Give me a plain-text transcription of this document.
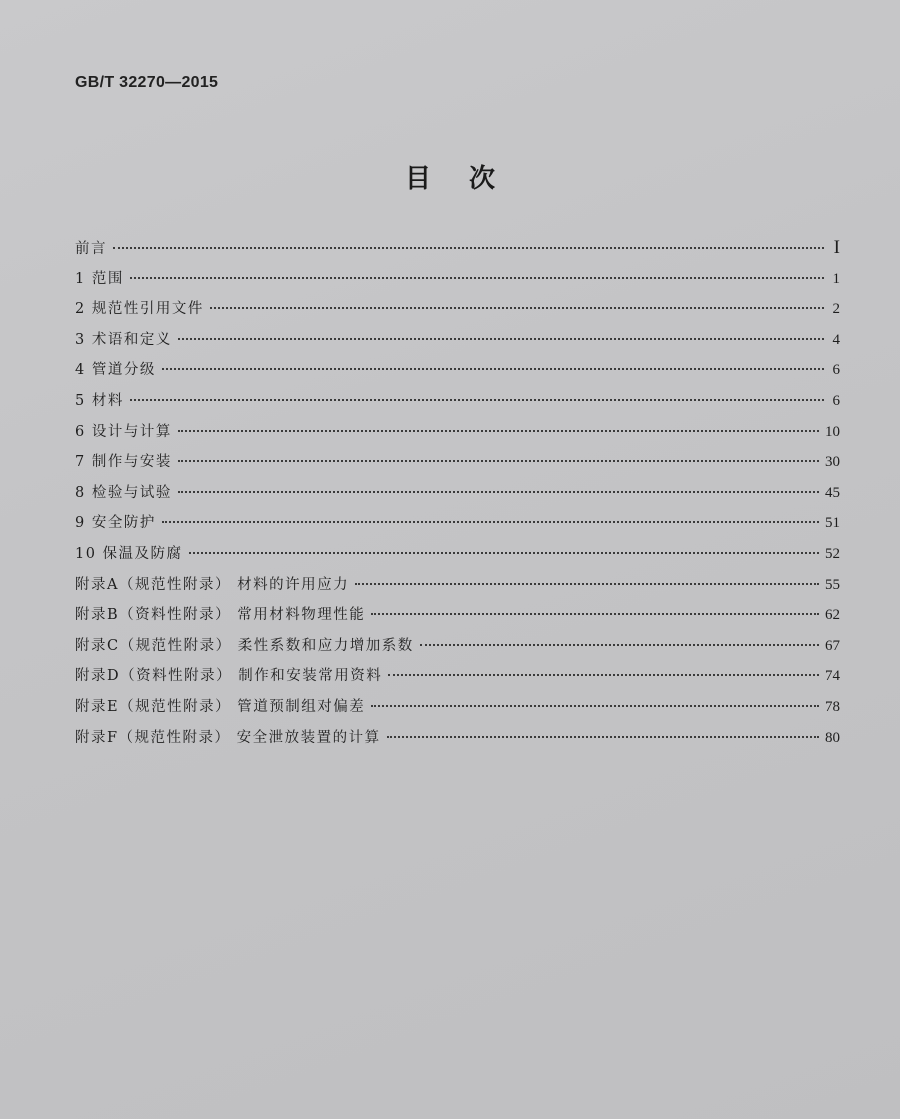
GB/T 32270—2015
目次
前言	I
1 范围	1
2 规范性引用文件	2
3 术语和定义	4
4 管道分级	6
5 材料	6
6 设计与计算	10
7 制作与安装	30
8 检验与试验	45
9 安全防护	51
10 保温及防腐	52
附录A（规范性附录） 材料的许用应力	55
附录B（资料性附录） 常用材料物理性能	62
附录C（规范性附录） 柔性系数和应力增加系数	67
附录D（资料性附录） 制作和安装常用资料	74
附录E（规范性附录） 管道预制组对偏差	78
附录F（规范性附录） 安全泄放装置的计算	80
